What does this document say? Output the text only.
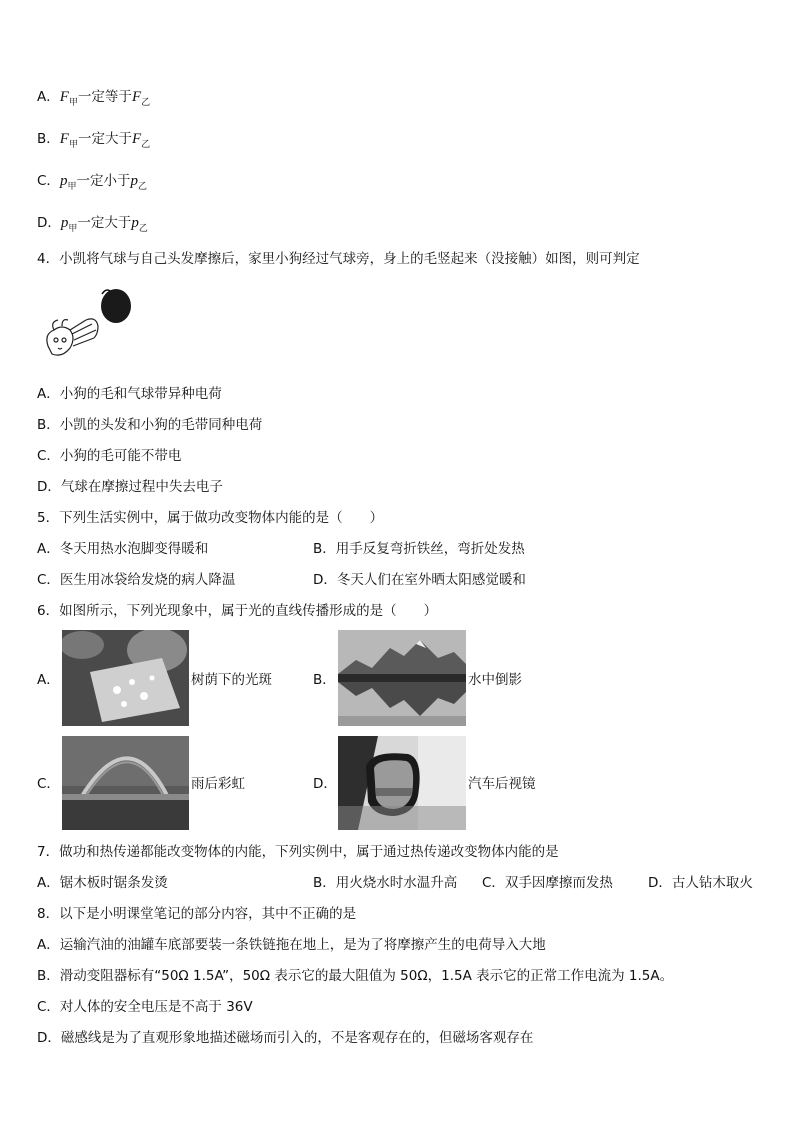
A．$F_甲$一定等于$F_乙$
B．$F_甲$一定大于$F_乙$
C．$p_甲$一定小于$p_乙$
D．$p_甲$一定大于$p_乙$
4．小凯将气球与自己头发摩擦后，家里小狗经过气球旁，身上的毛竖起来（没接触）如图，则可判定
A．小狗的毛和气球带异种电荷
B．小凯的头发和小狗的毛带同种电荷
C．小狗的毛可能不带电
D．气球在摩擦过程中失去电子
5．下列生活实例中，属于做功改变物体内能的是（　　）
A．冬天用热水泡脚变得暖和	B．用手反复弯折铁丝，弯折处发热
C．医生用冰袋给发烧的病人降温	D．冬天人们在室外晒太阳感觉暖和
6．如图所示，下列光现象中，属于光的直线传播形成的是（　　）
A．	树荫下的光斑	B．	水中倒影
C．	雨后彩虹	D．	汽车后视镜
7．做功和热传递都能改变物体的内能，下列实例中，属于通过热传递改变物体内能的是
A．锯木板时锯条发烫	B．用火烧水时水温升高 C．双手因摩擦而发热	D．古人钻木取火
8．以下是小明课堂笔记的部分内容，其中不正确的是
A．运输汽油的油罐车底部要装一条铁链拖在地上，是为了将摩擦产生的电荷导入大地
B．滑动变阻器标有“50Ω 1.5A”，50Ω 表示它的最大阻值为 50Ω，1.5A 表示它的正常工作电流为 1.5A。
C．对人体的安全电压是不高于 36V
D．磁感线是为了直观形象地描述磁场而引入的，不是客观存在的，但磁场客观存在
